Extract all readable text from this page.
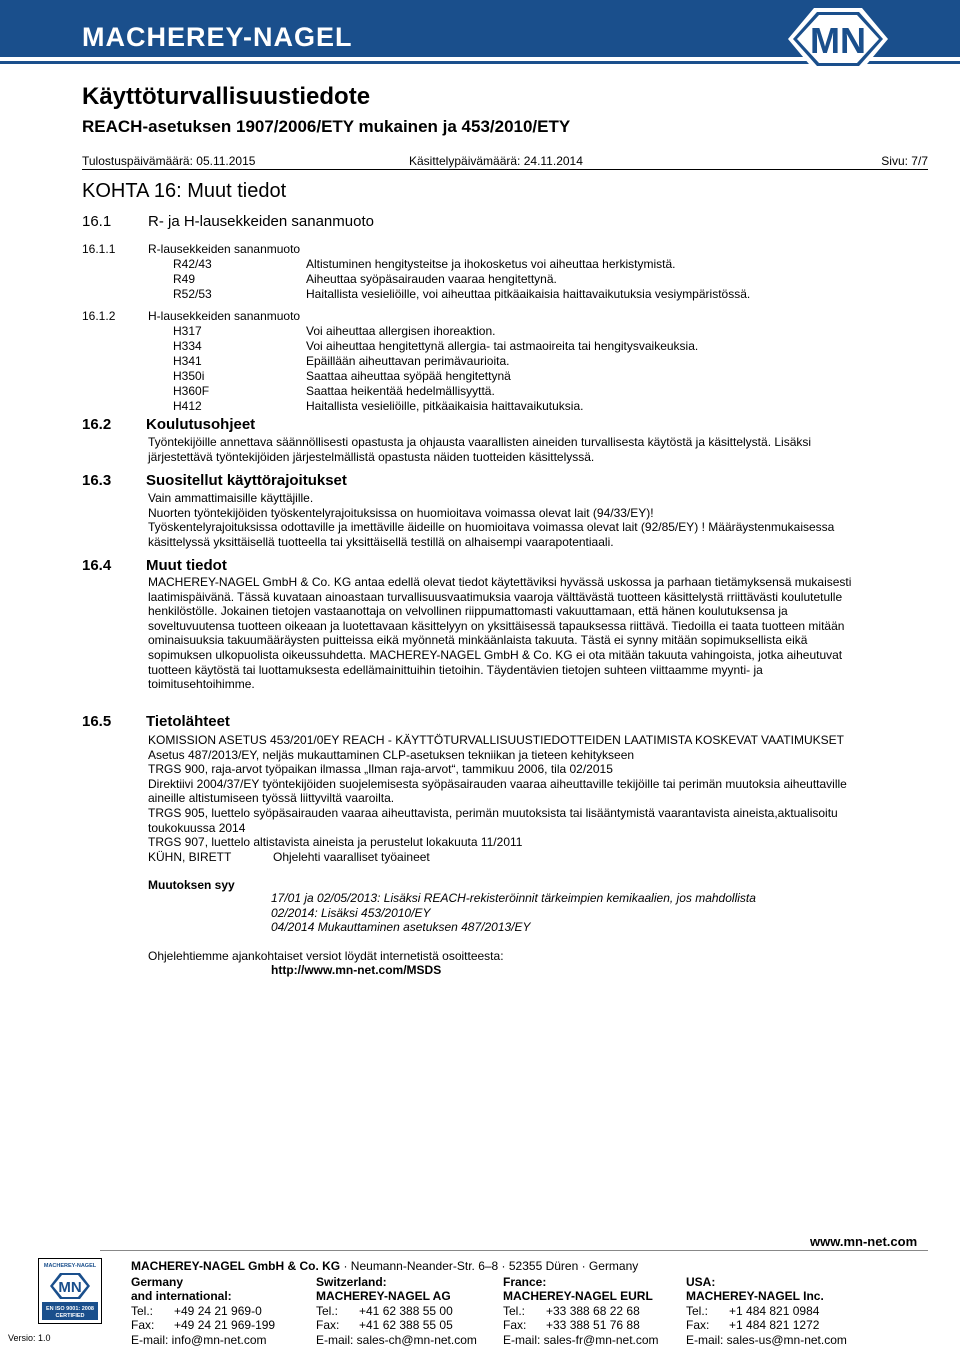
MACHEREY-NAGEL	MN
Käyttöturvallisuustiedote
REACH-asetuksen 1907/2006/ETY mukainen ja 453/2010/ETY
Tulostuspäivämäärä: 05.11.2015	Käsittelypäivämäärä: 24.11.2014	Sivu: 7/7
KOHTA 16: Muut tiedot
16.1 R- ja H-lausekkeiden sananmuoto
16.1.1	R-lausekkeiden sananmuoto
R42/43	Altistuminen hengitysteitse ja ihokosketus voi aiheuttaa herkistymistä.
R49	Aiheuttaa syöpäsairauden vaaraa hengitettynä.
R52/53	Haitallista vesieliöille, voi aiheuttaa pitkäaikaisia haittavaikutuksia vesiympäristössä.
16.1.2	H-lausekkeiden sananmuoto
H317	Voi aiheuttaa allergisen ihoreaktion.
H334	Voi aiheuttaa hengitettynä allergia- tai astmaoireita tai hengitysvaikeuksia.
H341	Epäillään aiheuttavan perimävaurioita.
H350i	Saattaa aiheuttaa syöpää hengitettynä
H360F	Saattaa heikentää hedelmällisyyttä.
H412	Haitallista vesieliöille, pitkäaikaisia haittavaikutuksia.
16.2 Koulutusohjeet

Työntekijöille annettava säännöllisesti opastusta ja ohjausta vaarallisten aineiden turvallisesta käytöstä ja käsittelystä. Lisäksi

järjestettävä työntekijöiden järjestelmällistä opastusta näiden tuotteiden käsittelyssä.

16.3 Suositellut käyttörajoitukset

Vain ammattimaisille käyttäjille.

Nuorten työntekijöiden työskentelyrajoituksissa on huomioitava voimassa olevat lait (94/33/EY)!

Työskentelyrajoituksissa odottaville ja imettäville äideille on huomioitava voimassa olevat lait (92/85/EY) ! Määräystenmukaisessa

käsittelyssä yksittäisellä tuotteella tai yksittäisellä testillä on alhaisempi vaarapotentiaali.

16.4 Muut tiedot

MACHEREY-NAGEL GmbH & Co. KG antaa edellä olevat tiedot käytettäviksi hyvässä uskossa ja parhaan tietämyksensä mukaisesti

laatimispäivänä. Tässä kuvataan ainoastaan turvallisuusvaatimuksia vaaroja välttävästä tuotteen käsittelystä rriittävästi koulutetulle

henkilöstölle. Jokainen tietojen vastaanottaja on velvollinen riippumattomasti vakuuttamaan, että hänen koulutuksensa ja

soveltuvuutensa tuotteen oikeaan ja luotettavaan käsittelyyn on yksittäisessä tapauksessa riittävä. Tiedoilla ei taata tuotteen mitään

ominaisuuksia takuumääräysten puitteissa eikä myönnetä minkäänlaista takuuta. Tästä ei synny mitään sopimuksellista eikä

sopimuksen ulkopuolista oikeussuhdetta. MACHEREY-NAGEL GmbH & Co. KG ei ota mitään takuuta vahingoista, jotka aiheutuvat

tuotteen käytöstä tai luottamuksesta edellämainittuihin tietoihin. Täydentävien tietojen suhteen viittaamme myynti- ja

toimitusehtoihimme.

16.5 Tietolähteet

KOMISSION ASETUS 453/201/0EY REACH - KÄYTTÖTURVALLISUUSTIEDOTTEIDEN LAATIMISTA KOSKEVAT VAATIMUKSET

Asetus 487/2013/EY, neljäs mukauttaminen CLP-asetuksen tekniikan ja tieteen kehitykseen

TRGS 900, raja-arvot työpaikan ilmassa „Ilman raja-arvot“, tammikuu 2006, tila 02/2015

Direktiivi 2004/37/EY työntekijöiden suojelemisesta syöpäsairauden vaaraa aiheuttaville tekijöille tai perimän muutoksia aiheuttaville

aineille altistumiseen työssä liittyviltä vaaroilta.

TRGS 905, luettelo syöpäsairauden vaaraa aiheuttavista, perimän muutoksista tai lisääntymistä vaarantavista aineista,aktualisoitu

toukokuussa 2014

TRGS 907, luettelo altistavista aineista ja perustelut lokakuuta 11/2011

KÜHN, BIRETT	Ohjelehti vaaralliset työaineet

Muutoksen syy

17/01 ja 02/05/2013: Lisäksi REACH-rekisteröinnit tärkeimpien kemikaalien, jos mahdollista

02/2014: Lisäksi 453/2010/EY

04/2014 Mukauttaminen asetuksen 487/2013/EY

Ohjelehtiemme ajankohtaiset versiot löydät internetistä osoitteesta:
http://www.mn-net.com/MSDS
www.mn-net.com
MACHEREY-NAGEL GmbH & Co. KG · Neumann-Neander-Str. 6–8 · 52355 Düren · Germany
MACHEREY-NAGEL
MN
EN ISO 9001: 2008
CERTIFIED
Versio: 1.0
Germany
and international:
Tel.: +49 24 21 969-0
Fax: +49 24 21 969-199
E-mail: info@mn-net.com
Switzerland:
MACHEREY-NAGEL AG
Tel.: +41 62 388 55 00
Fax: +41 62 388 55 05
E-mail: sales-ch@mn-net.com
France:
MACHEREY-NAGEL EURL
Tel.: +33 388 68 22 68
Fax: +33 388 51 76 88
E-mail: sales-fr@mn-net.com
USA:
MACHEREY-NAGEL Inc.
Tel.: +1 484 821 0984
Fax: +1 484 821 1272
E-mail: sales-us@mn-net.com
